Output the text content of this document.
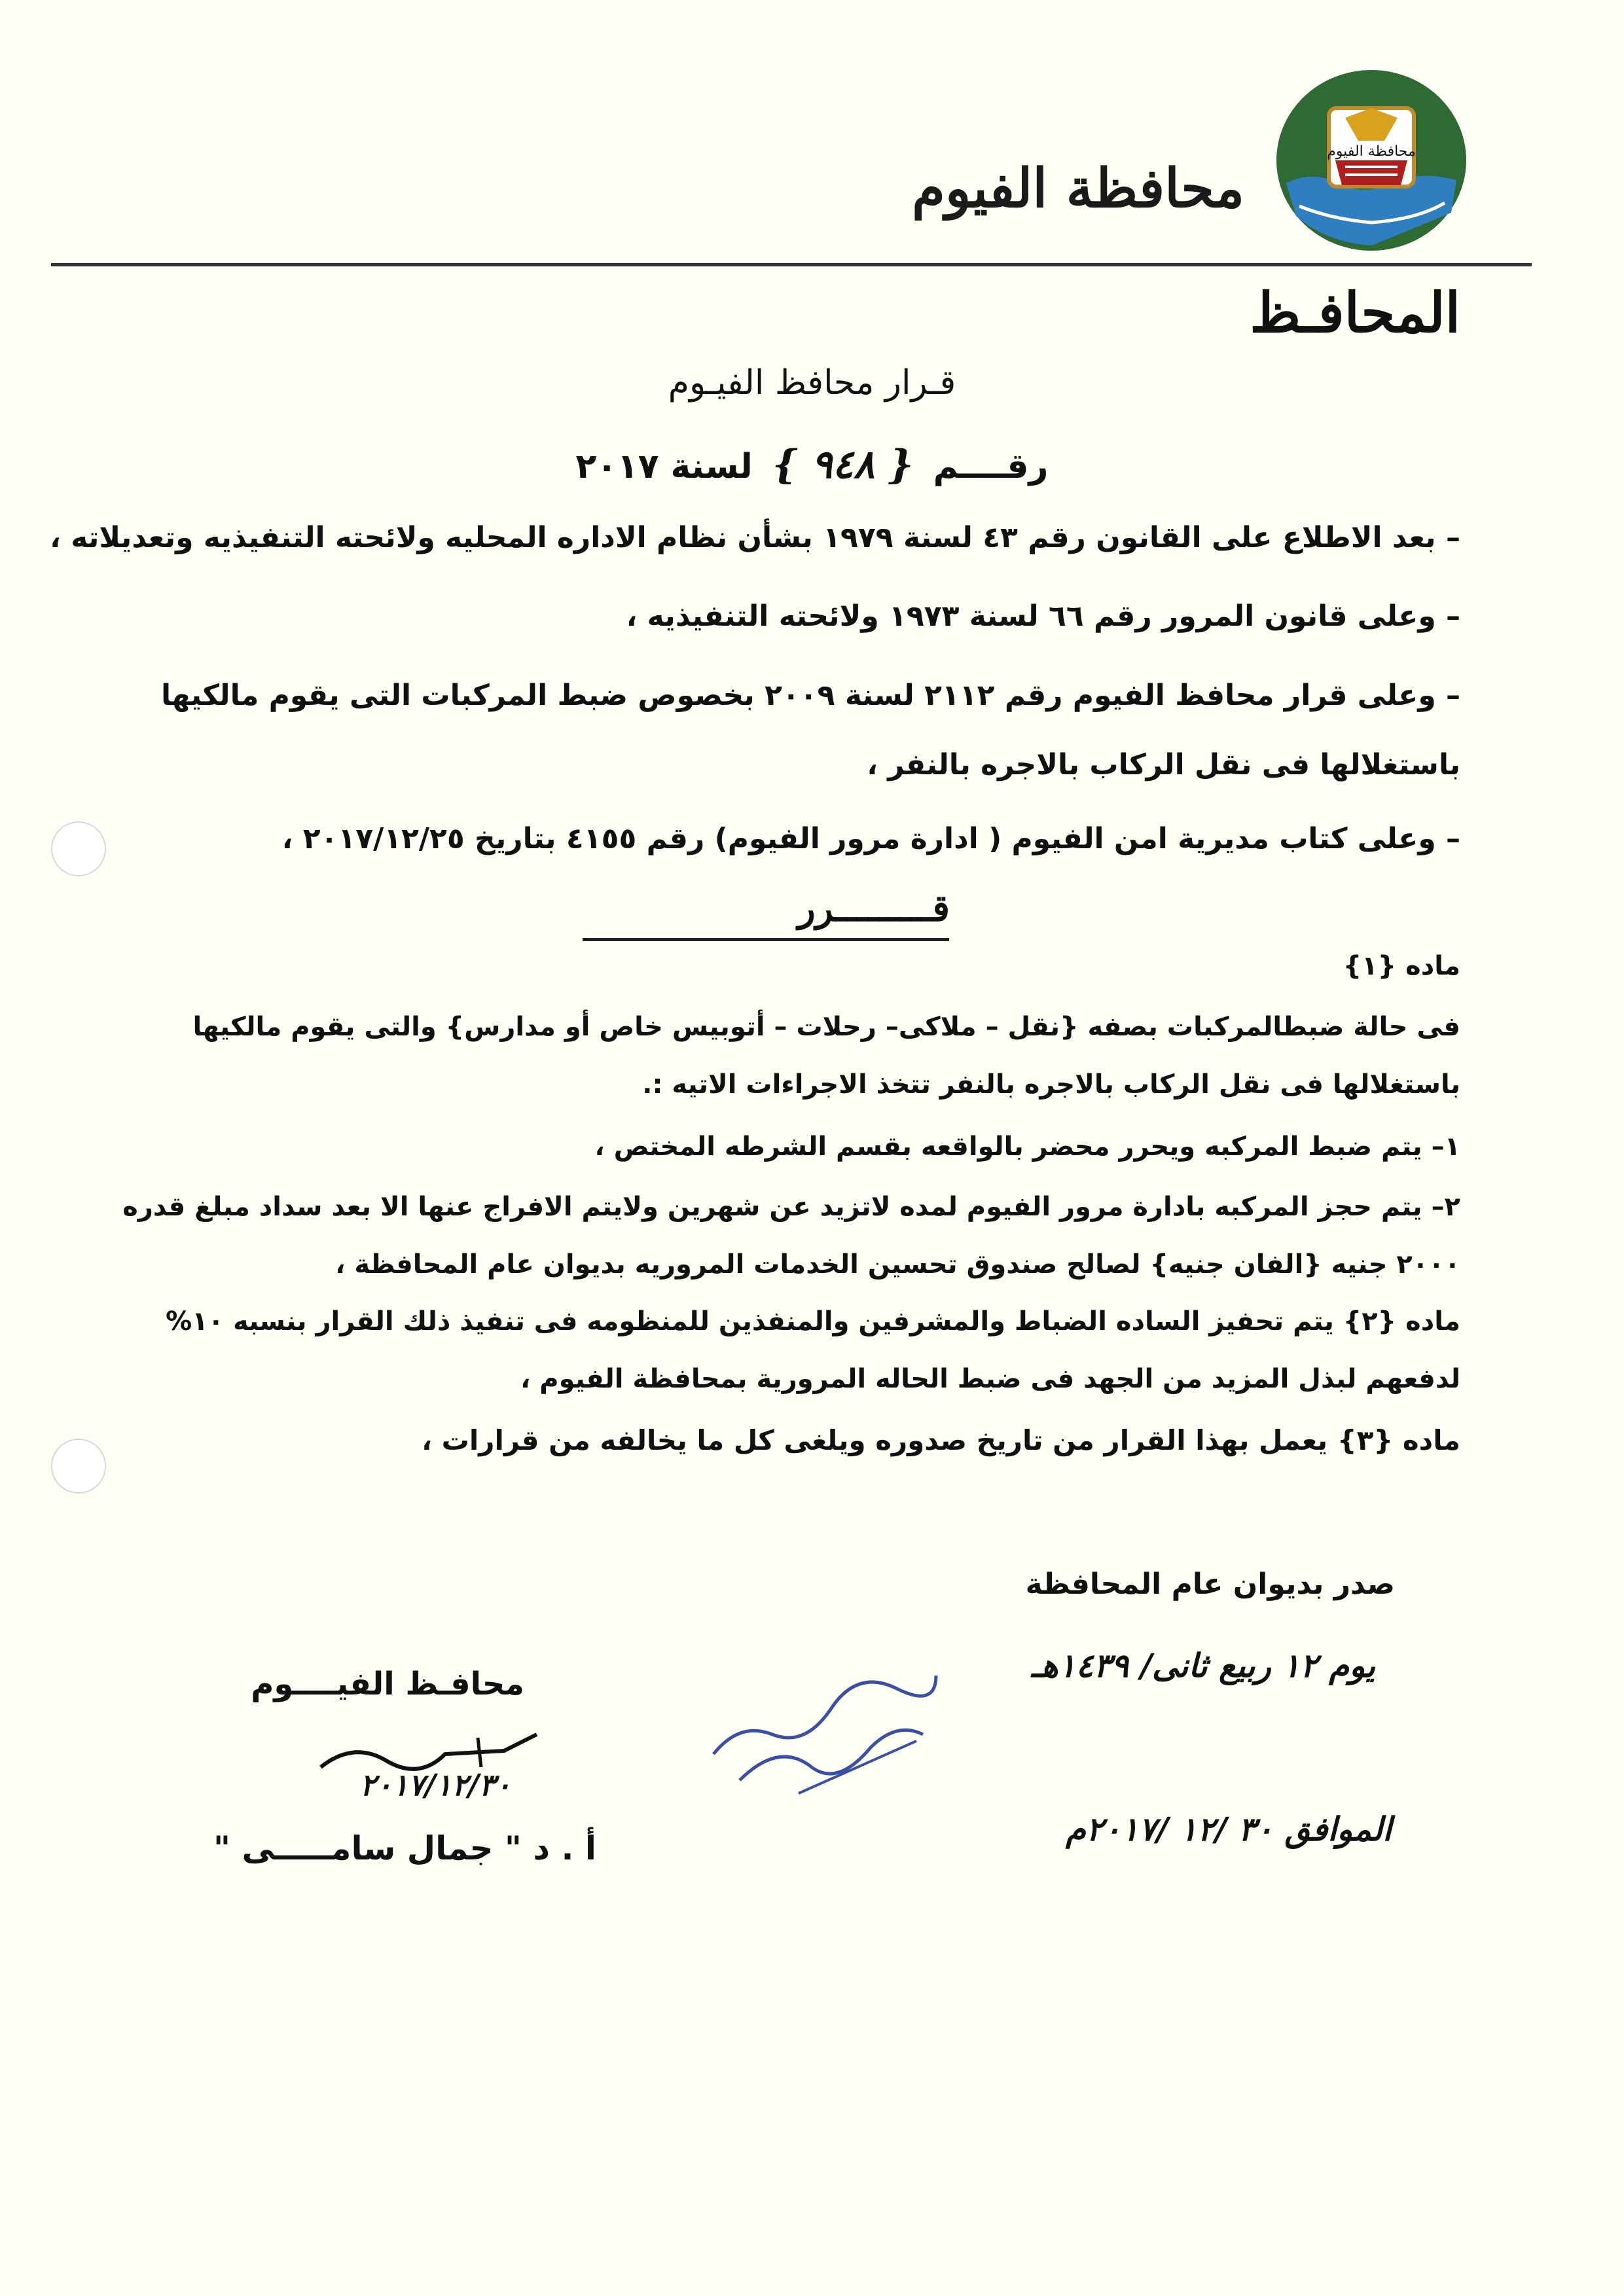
محافظة الفيوم
محافظة الفيوم
المحافـظ
قـرار محافظ الفيـوم
رقــــم { ٩٤٨ } لسنة ٢٠١٧
– بعد الاطلاع على القانون رقم ٤٣ لسنة ١٩٧٩ بشأن نظام الاداره المحليه ولائحته التنفيذيه وتعديلاته ،
– وعلى قانون المرور رقم ٦٦ لسنة ١٩٧٣ ولائحته التنفيذيه ،
– وعلى قرار محافظ الفيوم رقم ٢١١٢ لسنة ٢٠٠٩ بخصوص ضبط المركبات التى يقوم مالكيها باستغلالها فى نقل الركاب بالاجره بالنفر ،
– وعلى كتاب مديرية امن الفيوم ( ادارة مرور الفيوم) رقم ٤١٥٥ بتاريخ ٢٠١٧/١٢/٢٥ ،
قـــــــــرر
ماده {١}
فى حالة ضبطالمركبات بصفه {نقل – ملاكى– رحلات – أتوبيس خاص أو مدارس} والتى يقوم مالكيها باستغلالها فى نقل الركاب بالاجره بالنفر تتخذ الاجراءات الاتيه :.
١– يتم ضبط المركبه ويحرر محضر بالواقعه بقسم الشرطه المختص ،
٢– يتم حجز المركبه بادارة مرور الفيوم لمده لاتزيد عن شهرين ولايتم الافراج عنها الا بعد سداد مبلغ قدره ٢٠٠٠ جنيه {الفان جنيه} لصالح صندوق تحسين الخدمات المروريه بديوان عام المحافظة ،
ماده {٢} يتم تحفيز الساده الضباط والمشرفين والمنفذين للمنظومه فى تنفيذ ذلك القرار بنسبه ١٠% لدفعهم لبذل المزيد من الجهد فى ضبط الحاله المرورية بمحافظة الفيوم ،
ماده {٣} يعمل بهذا القرار من تاريخ صدوره ويلغى كل ما يخالفه من قرارات ،
صدر بديوان عام المحافظة
يوم ١٢ ربيع ثانى/ ١٤٣٩هـ
الموافق ٣٠ /١٢ /٢٠١٧م
محافـظ الفيــــوم
٢٠١٧/١٢/٣٠
أ . د " جمال سامـــــى "
